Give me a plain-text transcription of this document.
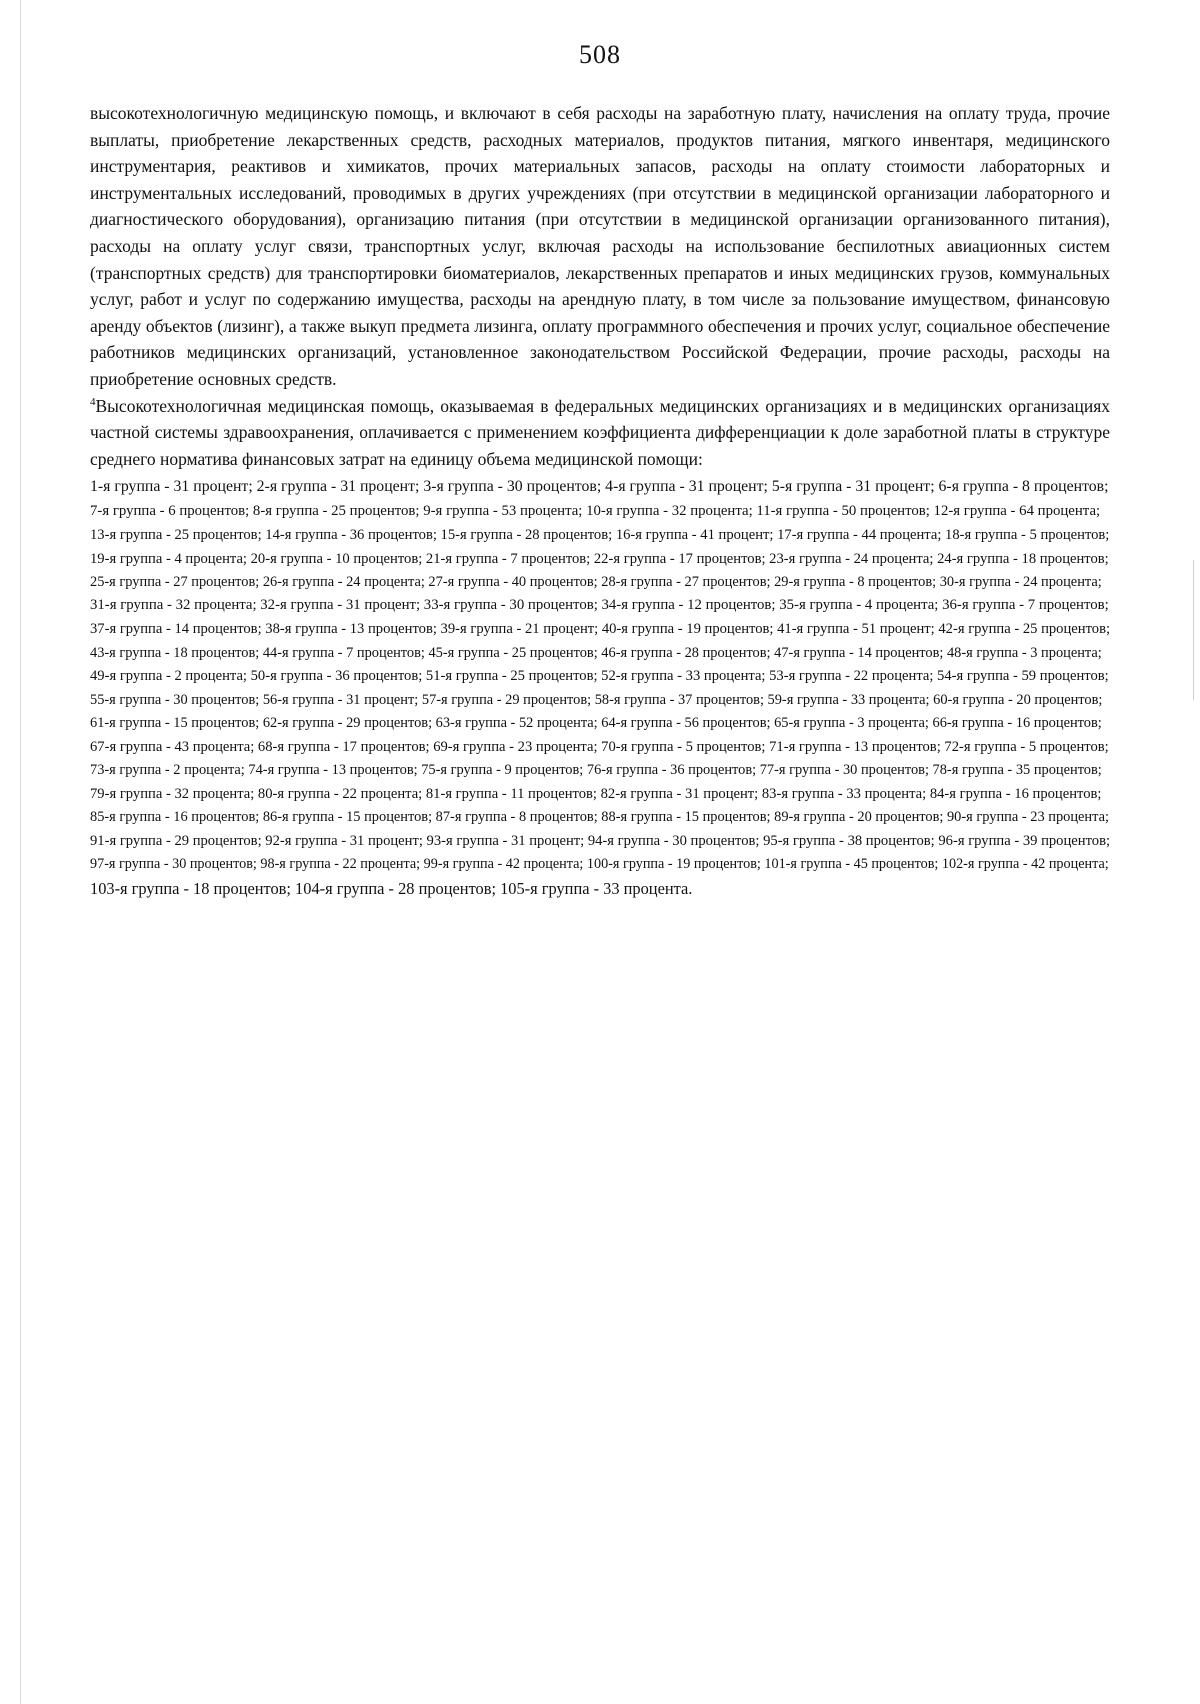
508

высокотехнологичную медицинскую помощь, и включают в себя расходы на заработную плату, начисления на оплату труда, прочие выплаты, приобретение лекарственных средств, расходных материалов, продуктов питания, мягкого инвентаря, медицинского инструментария, реактивов и химикатов, прочих материальных запасов, расходы на оплату стоимости лабораторных и инструментальных исследований, проводимых в других учреждениях (при отсутствии в медицинской организации лабораторного и диагностического оборудования), организацию питания (при отсутствии в медицинской организации организованного питания), расходы на оплату услуг связи, транспортных услуг, включая расходы на использование беспилотных авиационных систем (транспортных средств) для транспортировки биоматериалов, лекарственных препаратов и иных медицинских грузов, коммунальных услуг, работ и услуг по содержанию имущества, расходы на арендную плату, в том числе за пользование имуществом, финансовую аренду объектов (лизинг), а также выкуп предмета лизинга, оплату программного обеспечения и прочих услуг, социальное обеспечение работников медицинских организаций, установленное законодательством Российской Федерации, прочие расходы, расходы на приобретение основных средств.

$^4$Высокотехнологичная медицинская помощь, оказываемая в федеральных медицинских организациях и в медицинских организациях частной системы здравоохранения, оплачивается с применением коэффициента дифференциации к доле заработной платы в структуре среднего норматива финансовых затрат на единицу объема медицинской помощи:

1-я группа - 31 процент; 2-я группа - 31 процент; 3-я группа - 30 процентов; 4-я группа - 31 процент; 5-я группа - 31 процент; 6-я группа - 8 процентов;
7-я группа - 6 процентов; 8-я группа - 25 процентов; 9-я группа - 53 процента; 10-я группа - 32 процента; 11-я группа - 50 процентов; 12-я группа - 64 процента;
13-я группа - 25 процентов; 14-я группа - 36 процентов; 15-я группа - 28 процентов; 16-я группа - 41 процент; 17-я группа - 44 процента; 18-я группа - 5 процентов;
19-я группа - 4 процента; 20-я группа - 10 процентов; 21-я группа - 7 процентов; 22-я группа - 17 процентов; 23-я группа - 24 процента; 24-я группа - 18 процентов;
25-я группа - 27 процентов; 26-я группа - 24 процента; 27-я группа - 40 процентов; 28-я группа - 27 процентов; 29-я группа - 8 процентов; 30-я группа - 24 процента;
31-я группа - 32 процента; 32-я группа - 31 процент; 33-я группа - 30 процентов; 34-я группа - 12 процентов; 35-я группа - 4 процента; 36-я группа - 7 процентов;
37-я группа - 14 процентов; 38-я группа - 13 процентов; 39-я группа - 21 процент; 40-я группа - 19 процентов; 41-я группа - 51 процент; 42-я группа - 25 процентов;
43-я группа - 18 процентов; 44-я группа - 7 процентов; 45-я группа - 25 процентов; 46-я группа - 28 процентов; 47-я группа - 14 процентов; 48-я группа - 3 процента;
49-я группа - 2 процента; 50-я группа - 36 процентов; 51-я группа - 25 процентов; 52-я группа - 33 процента; 53-я группа - 22 процента; 54-я группа - 59 процентов;
55-я группа - 30 процентов; 56-я группа - 31 процент; 57-я группа - 29 процентов; 58-я группа - 37 процентов; 59-я группа - 33 процента; 60-я группа - 20 процентов;
61-я группа - 15 процентов; 62-я группа - 29 процентов; 63-я группа - 52 процента; 64-я группа - 56 процентов; 65-я группа - 3 процента; 66-я группа - 16 процентов;
67-я группа - 43 процента; 68-я группа - 17 процентов; 69-я группа - 23 процента; 70-я группа - 5 процентов; 71-я группа - 13 процентов; 72-я группа - 5 процентов;
73-я группа - 2 процента; 74-я группа - 13 процентов; 75-я группа - 9 процентов; 76-я группа - 36 процентов; 77-я группа - 30 процентов; 78-я группа - 35 процентов;
79-я группа - 32 процента; 80-я группа - 22 процента; 81-я группа - 11 процентов; 82-я группа - 31 процент; 83-я группа - 33 процента; 84-я группа - 16 процентов;
85-я группа - 16 процентов; 86-я группа - 15 процентов; 87-я группа - 8 процентов; 88-я группа - 15 процентов; 89-я группа - 20 процентов; 90-я группа - 23 процента;
91-я группа - 29 процентов; 92-я группа - 31 процент; 93-я группа - 31 процент; 94-я группа - 30 процентов; 95-я группа - 38 процентов; 96-я группа - 39 процентов;
97-я группа - 30 процентов; 98-я группа - 22 процента; 99-я группа - 42 процента; 100-я группа - 19 процентов; 101-я группа - 45 процентов; 102-я группа - 42 процента;
103-я группа - 18 процентов; 104-я группа - 28 процентов; 105-я группа - 33 процента.
